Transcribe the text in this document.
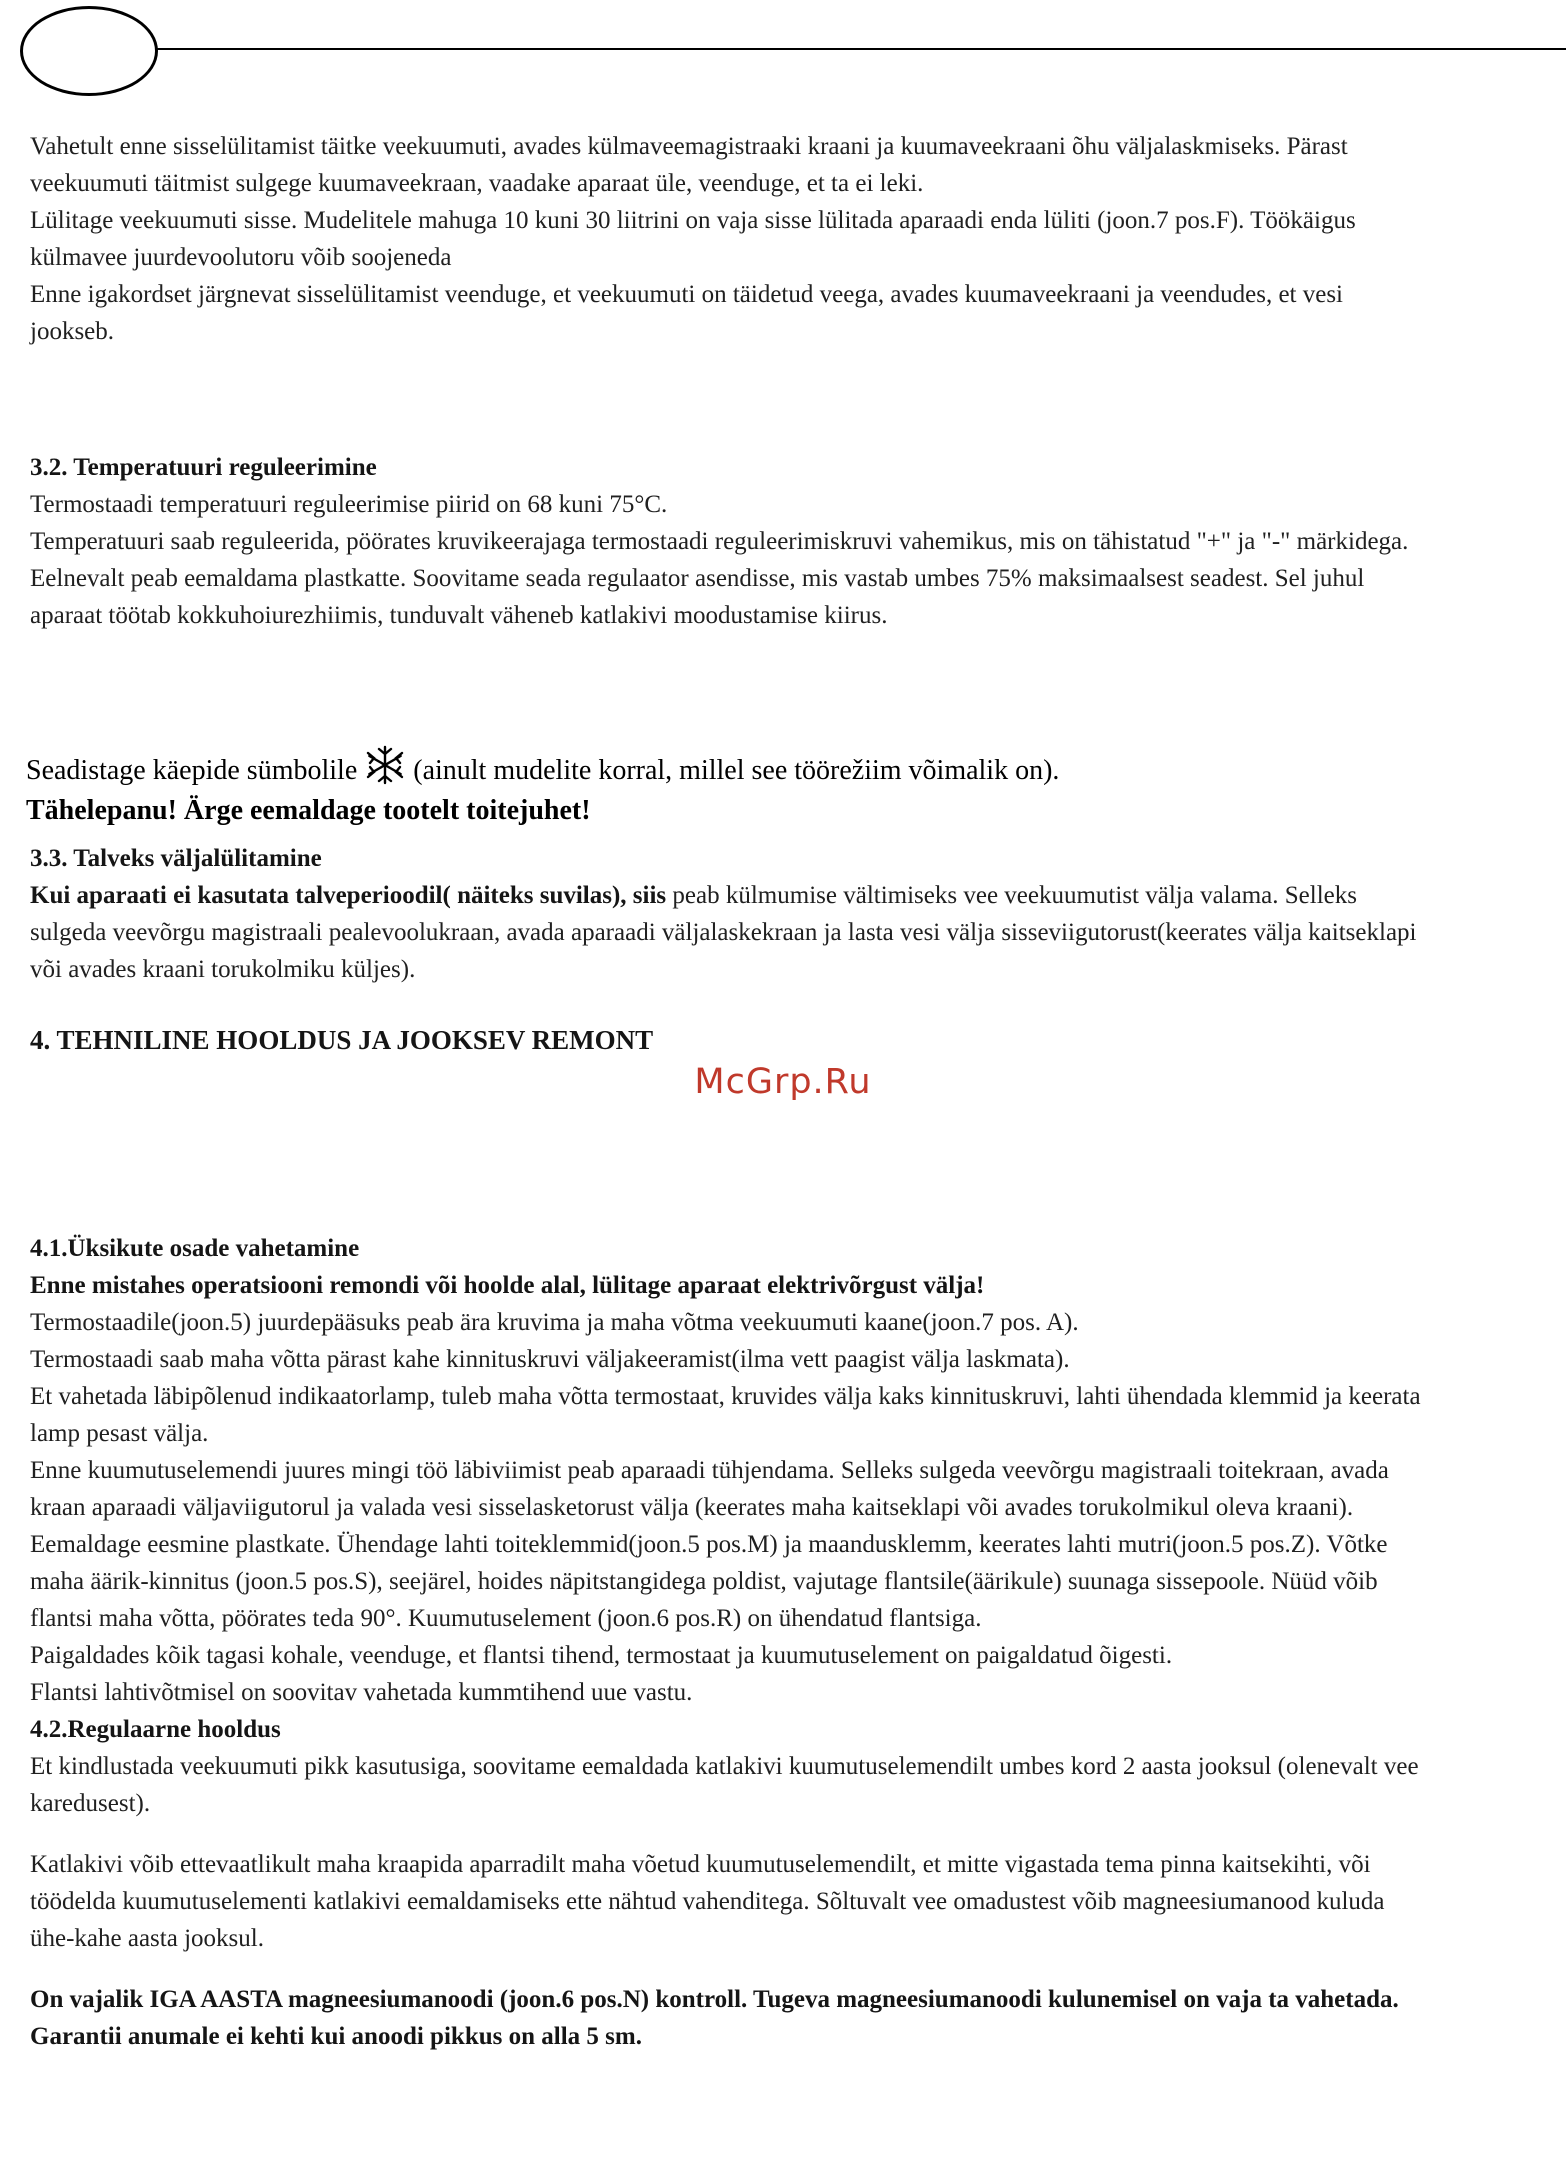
Vahetult enne sisselülitamist täitke veekuumuti, avades külmaveemagistraaki kraani ja kuumaveekraani õhu väljalaskmiseks. Pärast veekuumuti täitmist sulgege kuumaveekraan, vaadake aparaat üle, veenduge, et ta ei leki.

Lülitage veekuumuti sisse. Mudelitele mahuga 10 kuni 30 liitrini on vaja sisse lülitada aparaadi enda lüliti (joon.7 pos.F). Töökäigus külmavee juurdevoolutoru võib soojeneda

Enne igakordset järgnevat sisselülitamist veenduge, et veekuumuti on täidetud veega, avades kuumaveekraani ja veendudes, et vesi jookseb.

3.2. Temperatuuri reguleerimine

Termostaadi temperatuuri reguleerimise piirid on 68 kuni 75°C.

Temperatuuri saab reguleerida, pöörates kruvikeerajaga termostaadi reguleerimiskruvi vahemikus, mis on tähistatud "+" ja "-" märkidega. Eelnevalt peab eemaldama plastkatte. Soovitame seada regulaator asendisse, mis vastab umbes 75% maksimaalsest seadest. Sel juhul aparaat töötab kokkuhoiurezhiimis, tunduvalt väheneb katlakivi moodustamise kiirus.

Seadistage käepide sümbolile (ainult mudelite korral, millel see töörežiim võimalik on).

Tähelepanu! Ärge eemaldage tootelt toitejuhet!

3.3. Talveks väljalülitamine

Kui aparaati ei kasutata talveperioodil( näiteks suvilas), siis peab külmumise vältimiseks vee veekuumutist välja valama. Selleks sulgeda veevõrgu magistraali pealevoolukraan, avada aparaadi väljalaskekraan ja lasta vesi välja sisseviigutorust(keerates välja kaitseklapi või avades kraani torukolmiku küljes).

4. TEHNILINE HOOLDUS JA JOOKSEV REMONT
McGrp.Ru

4.1.Üksikute osade vahetamine

Enne mistahes operatsiooni remondi või hoolde alal, lülitage aparaat elektrivõrgust välja!

Termostaadile(joon.5) juurdepääsuks peab ära kruvima ja maha võtma veekuumuti kaane(joon.7 pos. A).

Termostaadi saab maha võtta pärast kahe kinnituskruvi väljakeeramist(ilma vett paagist välja laskmata).

Et vahetada läbipõlenud indikaatorlamp, tuleb maha võtta termostaat, kruvides välja kaks kinnituskruvi, lahti ühendada klemmid ja keerata lamp pesast välja.

Enne kuumutuselemendi juures mingi töö läbiviimist peab aparaadi tühjendama. Selleks sulgeda veevõrgu magistraali toitekraan, avada kraan aparaadi väljaviigutorul ja valada vesi sisselasketorust välja (keerates maha kaitseklapi või avades torukolmikul oleva kraani).

Eemaldage eesmine plastkate. Ühendage lahti toiteklemmid(joon.5 pos.M) ja maandusklemm, keerates lahti mutri(joon.5 pos.Z). Võtke maha äärik-kinnitus (joon.5 pos.S), seejärel, hoides näpitstangidega poldist, vajutage flantsile(äärikule) suunaga sissepoole. Nüüd võib flantsi maha võtta, pöörates teda 90°. Kuumutuselement (joon.6 pos.R) on ühendatud flantsiga.

Paigaldades kõik tagasi kohale, veenduge, et flantsi tihend, termostaat ja kuumutuselement on paigaldatud õigesti.

Flantsi lahtivõtmisel on soovitav vahetada kummtihend uue vastu.

4.2.Regulaarne hooldus

Et kindlustada veekuumuti pikk kasutusiga, soovitame eemaldada katlakivi kuumutuselemendilt umbes kord 2 aasta jooksul (olenevalt vee karedusest).

Katlakivi võib ettevaatlikult maha kraapida aparradilt maha võetud kuumutuselemendilt, et mitte vigastada tema pinna kaitsekihti, või töödelda kuumutuselementi katlakivi eemaldamiseks ette nähtud vahenditega. Sõltuvalt vee omadustest võib magneesiumanood kuluda ühe-kahe aasta jooksul.

On vajalik IGA AASTA magneesiumanoodi (joon.6 pos.N) kontroll. Tugeva magneesiumanoodi kulunemisel on vaja ta vahetada. Garantii anumale ei kehti kui anoodi pikkus on alla 5 sm.
